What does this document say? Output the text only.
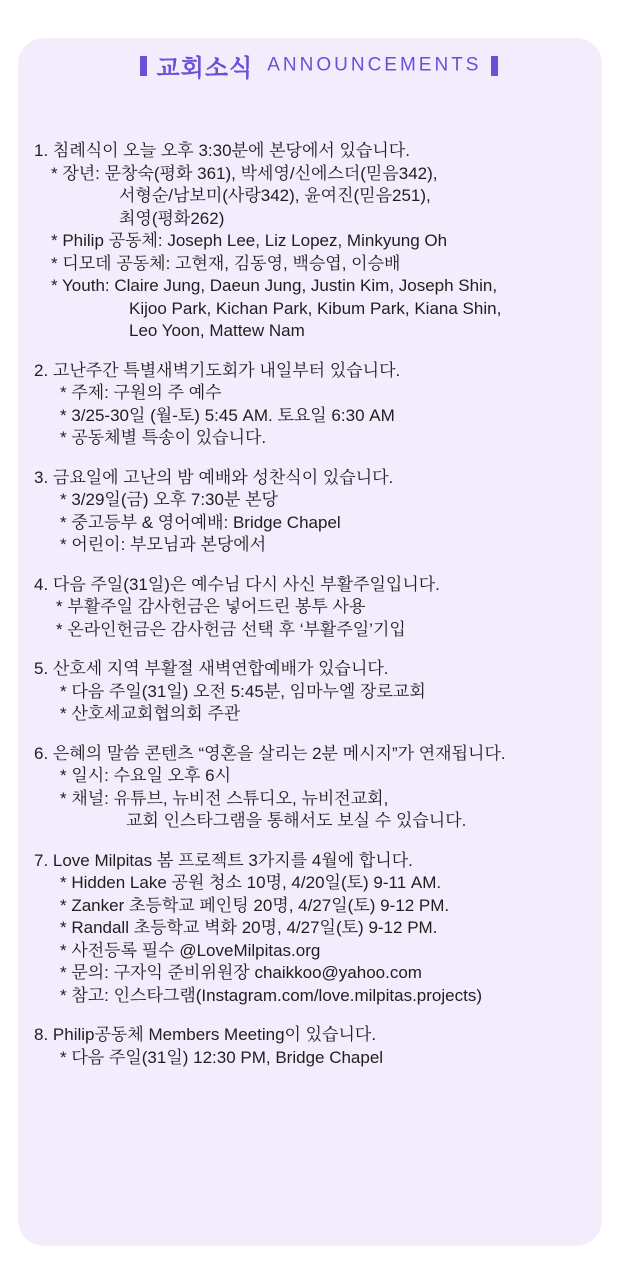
교회소식 ANNOUNCEMENTS
1. 침례식이 오늘 오후 3:30분에 본당에서 있습니다.
* 장년: 문창숙(평화 361), 박세영/신에스더(믿음342),
서형순/남보미(사랑342), 윤여진(믿음251),
최영(평화262)
* Philip 공동체: Joseph Lee, Liz Lopez, Minkyung Oh
* 디모데 공동체: 고현재, 김동영, 백승엽, 이승배
* Youth: Claire Jung, Daeun Jung, Justin Kim, Joseph Shin,
Kijoo Park, Kichan Park, Kibum Park, Kiana Shin,
Leo Yoon, Mattew Nam
2. 고난주간 특별새벽기도회가 내일부터 있습니다.
* 주제: 구원의 주 예수
* 3/25-30일 (월-토) 5:45 AM. 토요일 6:30 AM
* 공동체별 특송이 있습니다.
3. 금요일에 고난의 밤 예배와 성찬식이 있습니다.
* 3/29일(금) 오후 7:30분 본당
* 중고등부 & 영어예배: Bridge Chapel
* 어린이: 부모님과 본당에서
4. 다음 주일(31일)은 예수님 다시 사신 부활주일입니다.
* 부활주일 감사헌금은 넣어드린 봉투 사용
* 온라인헌금은 감사헌금 선택 후 ‘부활주일’기입
5. 산호세 지역 부활절 새벽연합예배가 있습니다.
* 다음 주일(31일) 오전 5:45분, 임마누엘 장로교회
* 산호세교회협의회 주관
6. 은혜의 말씀 콘텐츠 “영혼을 살리는 2분 메시지”가 연재됩니다.
* 일시: 수요일 오후 6시
* 채널: 유튜브, 뉴비전 스튜디오, 뉴비전교회,
교회 인스타그램을 통해서도 보실 수 있습니다.
7. Love Milpitas 봄 프로젝트 3가지를 4월에 합니다.
* Hidden Lake 공원 청소 10명, 4/20일(토) 9-11 AM.
* Zanker 초등학교 페인팅 20명, 4/27일(토) 9-12 PM.
* Randall 초등학교 벽화 20명, 4/27일(토) 9-12 PM.
* 사전등록 필수 @LoveMilpitas.org
* 문의: 구자익 준비위원장 chaikkoo@yahoo.com
* 참고: 인스타그램(Instagram.com/love.milpitas.projects)
8. Philip공동체 Members Meeting이 있습니다.
* 다음 주일(31일) 12:30 PM, Bridge Chapel
